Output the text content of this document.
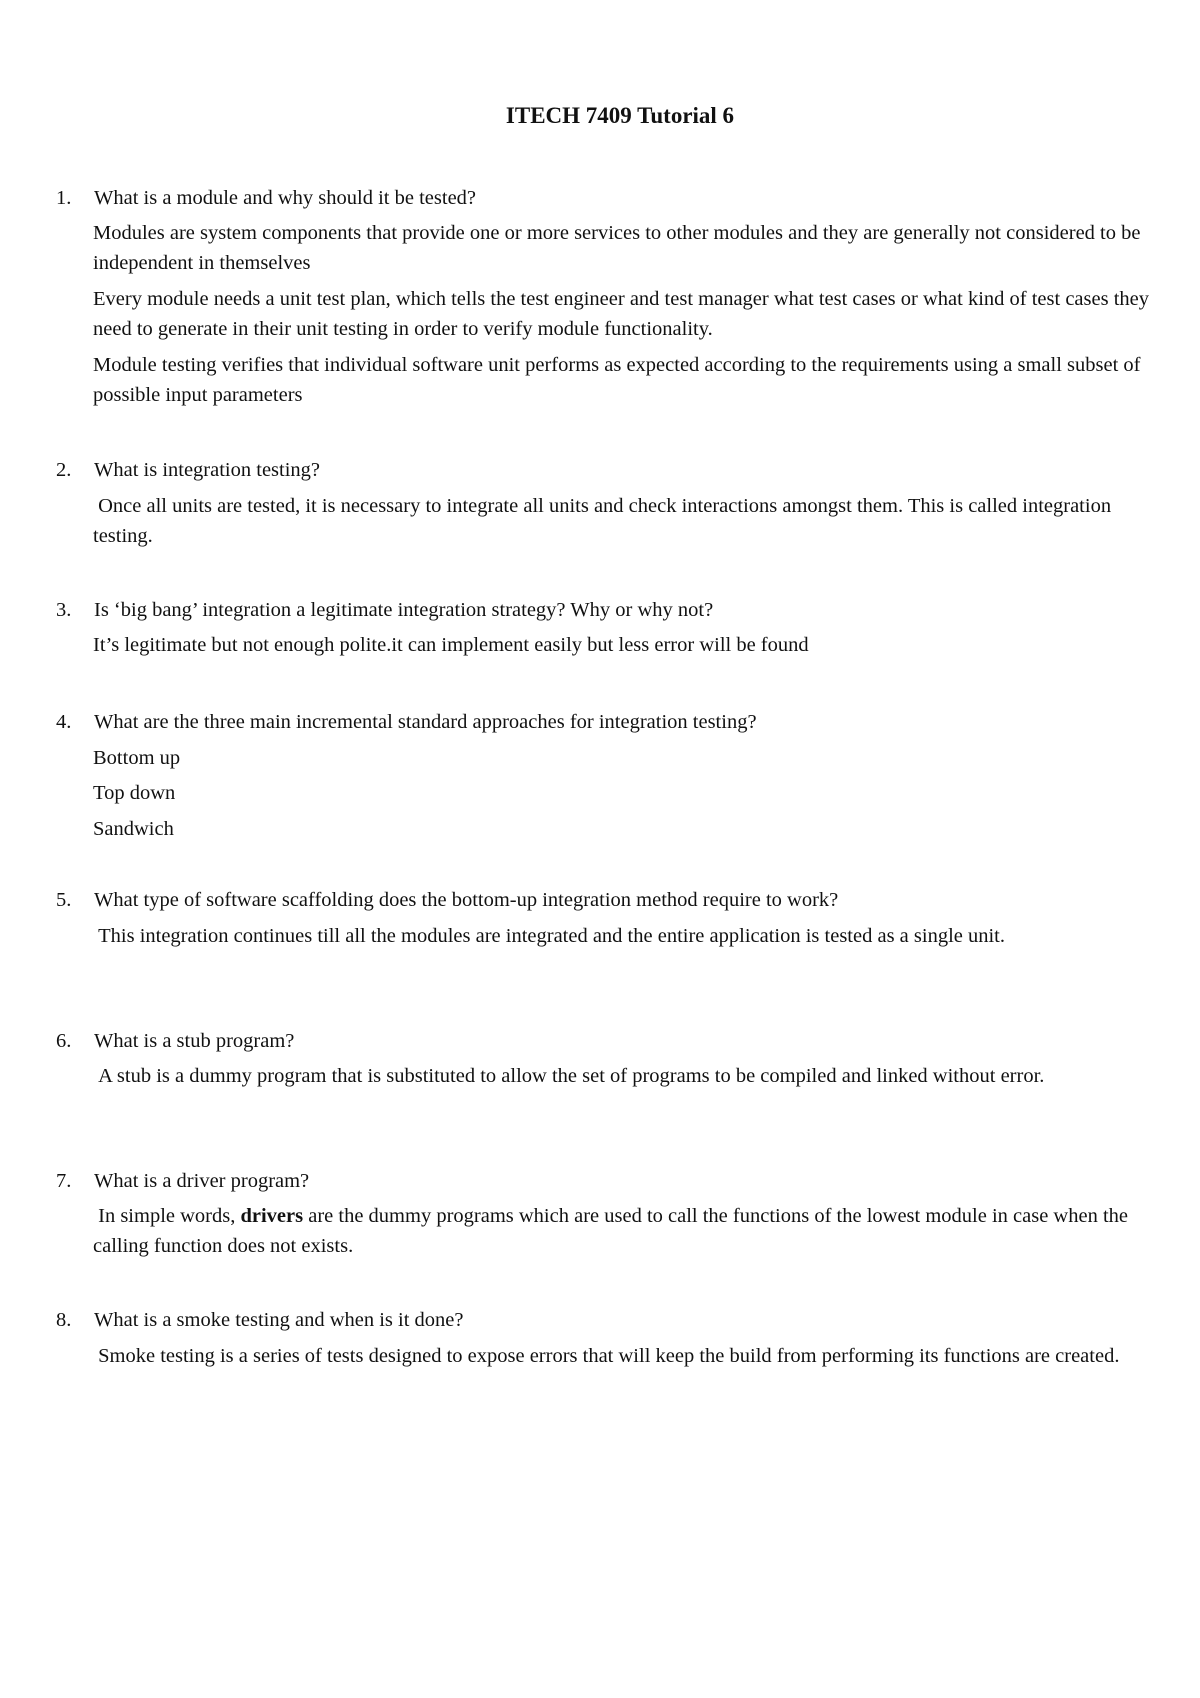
ITECH 7409 Tutorial 6
1.	What is a module and why should it be tested?
Modules are system components that provide one or more services to other modules and they are generally not considered to be independent in themselves
Every module needs a unit test plan, which tells the test engineer and test manager what test cases or what kind of test cases they need to generate in their unit testing in order to verify module functionality.
Module testing verifies that individual software unit performs as expected according to the requirements using a small subset of possible input parameters
2.	What is integration testing?
Once all units are tested, it is necessary to integrate all units and check interactions amongst them. This is called integration testing.
3.	Is ‘big bang’ integration a legitimate integration strategy? Why or why not?
It’s legitimate but not enough polite.it can implement easily but less error will be found
4.	What are the three main incremental standard approaches for integration testing?
Bottom up
Top down
Sandwich
5.	What type of software scaffolding does the bottom-up integration method require to work?
This integration continues till all the modules are integrated and the entire application is tested as a single unit.
6.	What is a stub program?
A stub is a dummy program that is substituted to allow the set of programs to be compiled and linked without error.
7.	What is a driver program?
In simple words, drivers are the dummy programs which are used to call the functions of the lowest module in case when the calling function does not exists.
8.	What is a smoke testing and when is it done?
Smoke testing is a series of tests designed to expose errors that will keep the build from performing its functions are created.
